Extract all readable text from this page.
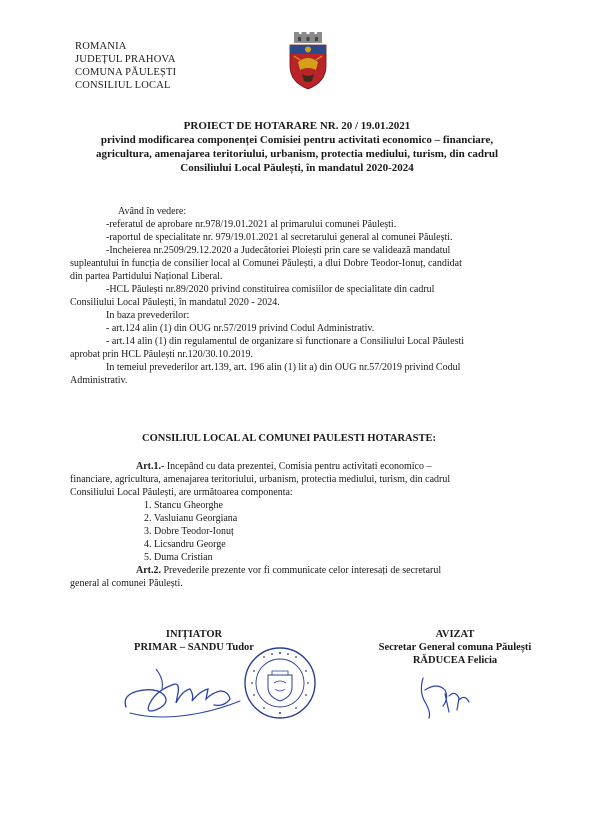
ROMANIA
JUDEȚUL PRAHOVA
COMUNA PĂULEȘTI
CONSILIUL LOCAL
PROIECT DE HOTARARE NR. 20 / 19.01.2021
privind modificarea componenței Comisiei pentru activitati economico – financiare,
agricultura, amenajarea teritoriului, urbanism, protectia mediului, turism, din cadrul
Consiliului Local Păulești, în mandatul 2020-2024
Având în vedere:
-referatul de aprobare nr.978/19.01.2021 al primarului comunei Păulești.
-raportul de specialitate nr. 979/19.01.2021 al secretarului general al comunei Păulești.
-Incheierea nr.2509/29.12.2020 a Judecătoriei Ploiești prin care se validează mandatul
supleantului în funcția de consilier local al Comunei Păulești, a dlui Dobre Teodor-Ionuț, candidat
din partea Partidului Național Liberal.
-HCL Păulești nr.89/2020 privind constituirea comisiilor de specialitate din cadrul
Consiliului Local Păulești, în mandatul 2020 - 2024.
In baza prevederilor:
- art.124 alin (1) din OUG nr.57/2019 privind Codul Administrativ.
- art.14 alin (1) din regulamentul de organizare si functionare a Consiliului Local Păulesti
aprobat prin HCL Păulești nr.120/30.10.2019.
In temeiul prevederilor art.139, art. 196 alin (1) lit a) din OUG nr.57/2019 privind Codul
Administrativ.
CONSILIUL LOCAL AL COMUNEI PAULESTI HOTARASTE:
Art.1.- Incepând cu data prezentei, Comisia pentru activitati economico –
financiare, agricultura, amenajarea teritoriului, urbanism, protectia mediului, turism, din cadrul
Consiliului Local Păulești, are următoarea componenta:
1. Stancu Gheorghe
2. Vasluianu Georgiana
3. Dobre Teodor-Ionuț
4. Licsandru George
5. Duma Cristian
Art.2. Prevederile prezente vor fi communicate celor interesați de secretarul
general al comunei Păulești.
INIȚIATOR
PRIMAR – SANDU Tudor
AVIZAT
Secretar General comuna Păulești
RĂDUCEA Felicia
